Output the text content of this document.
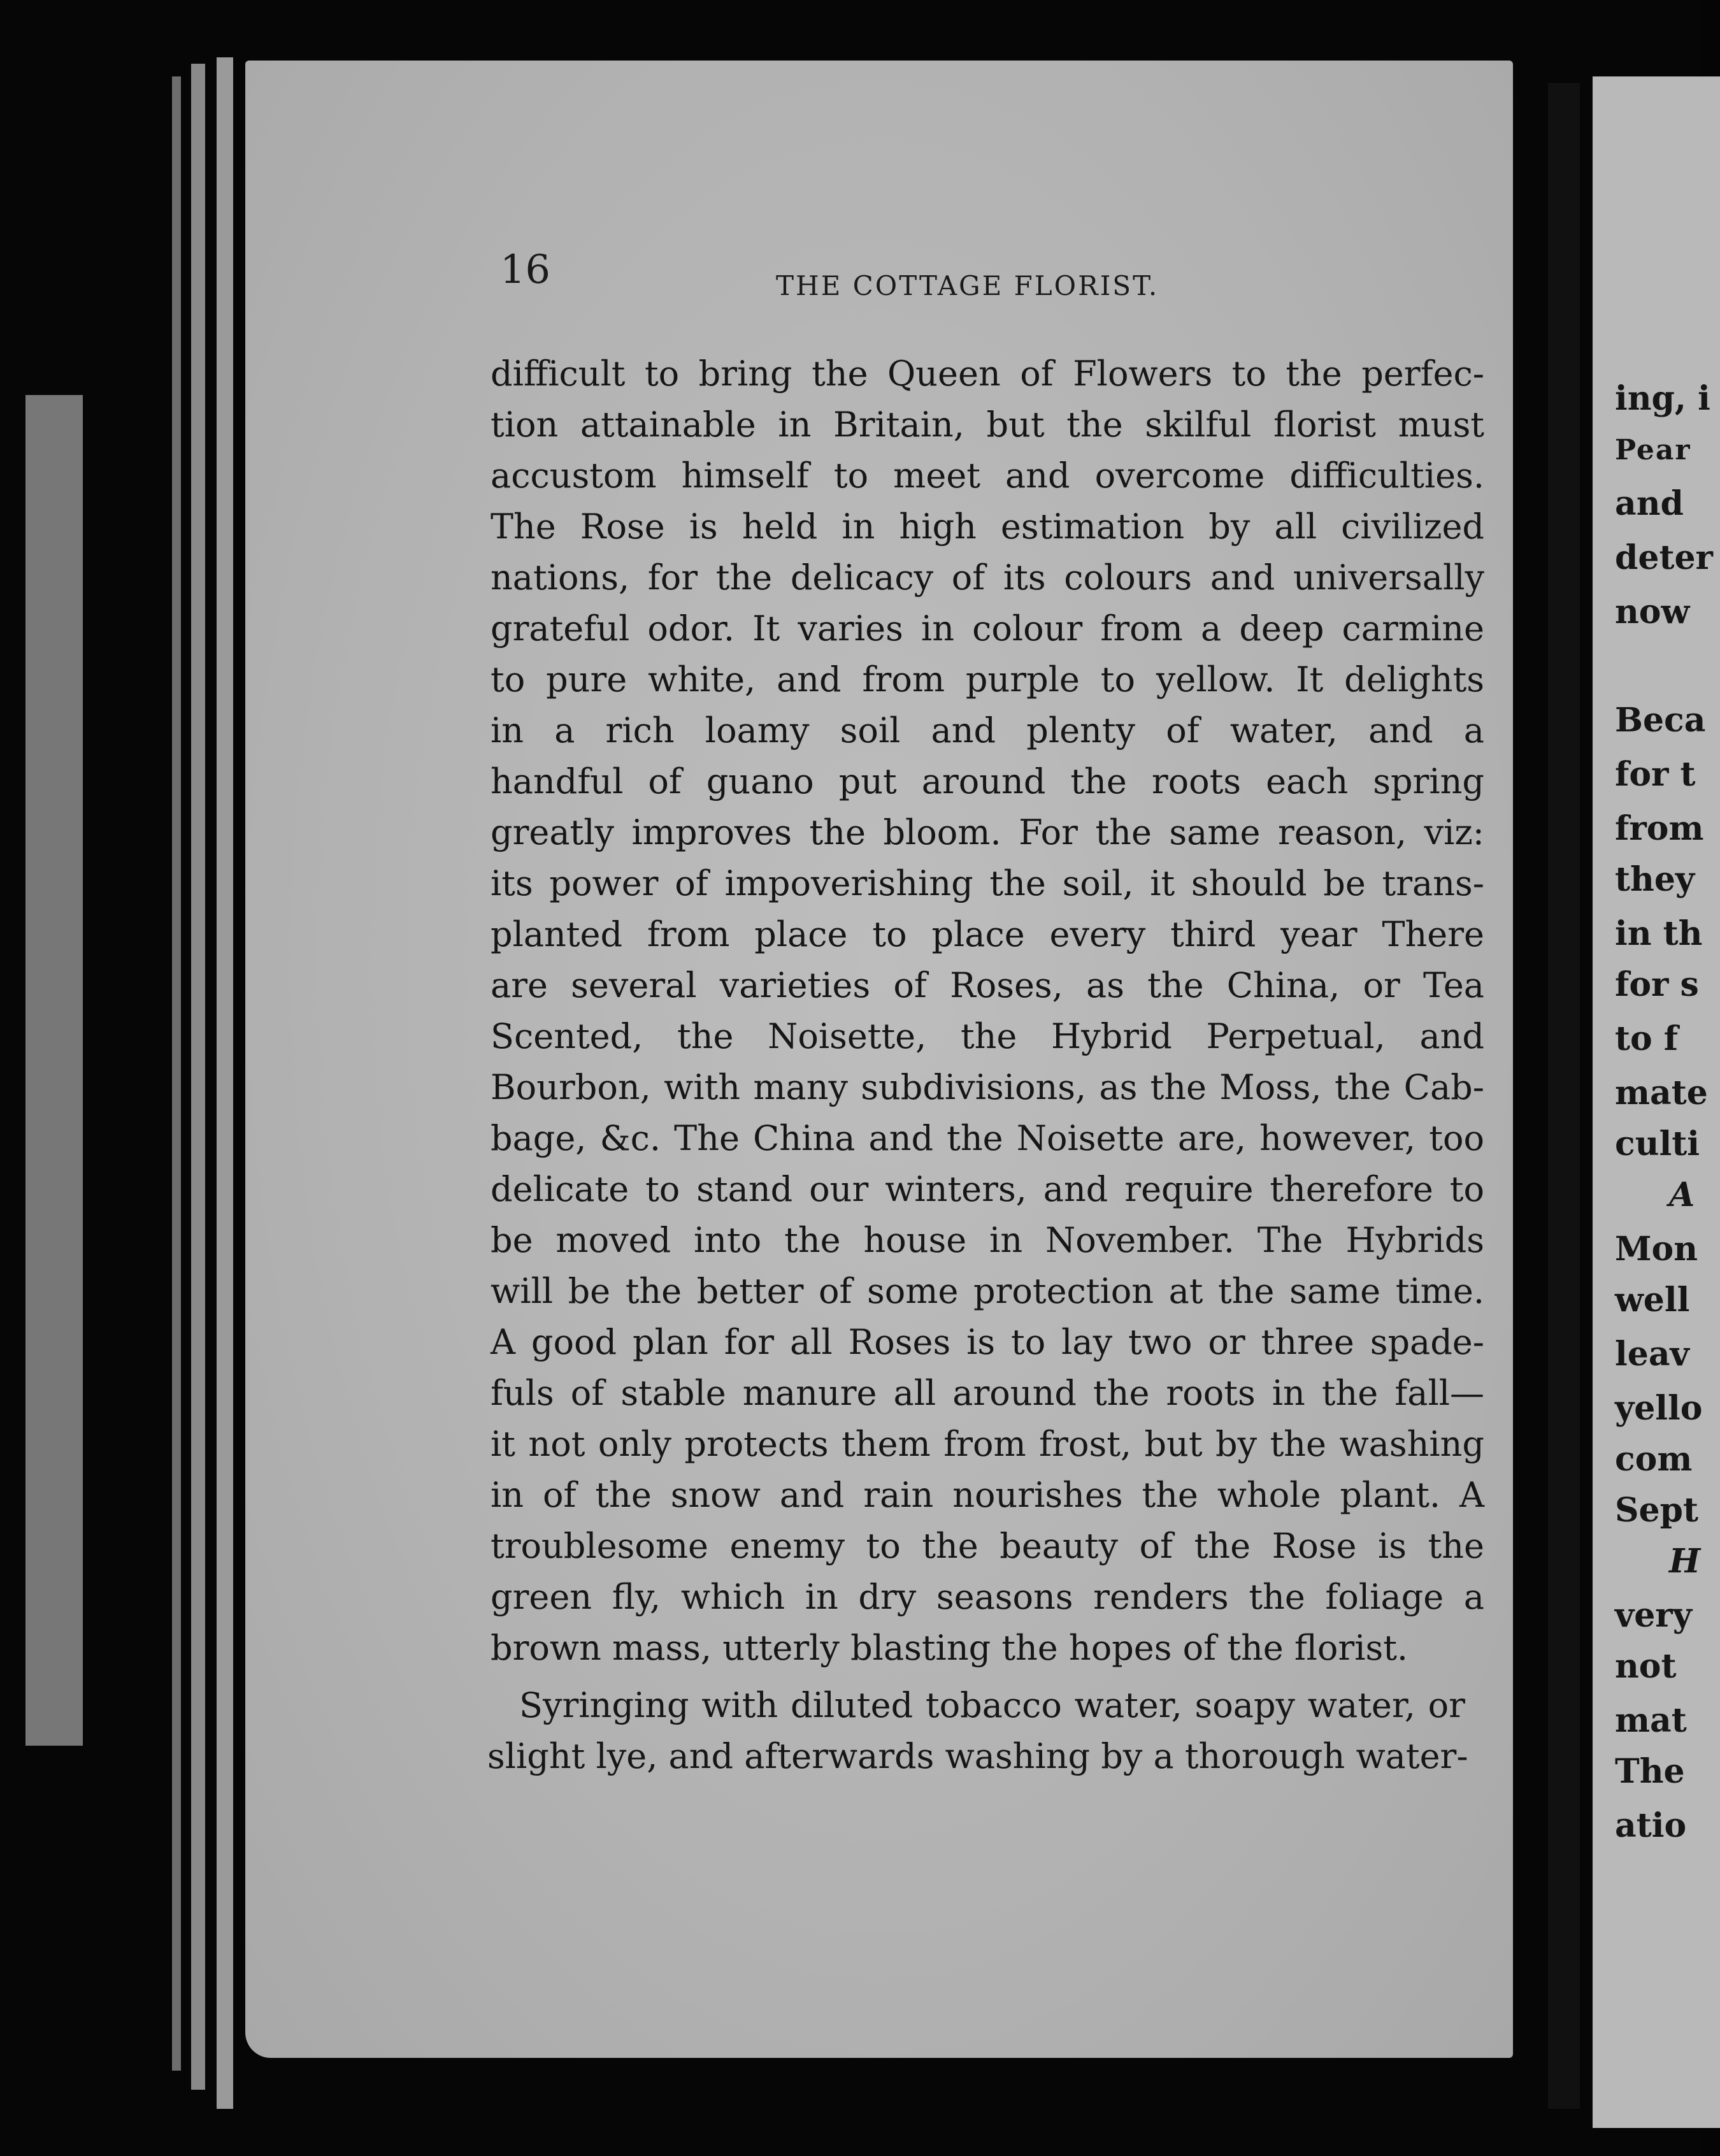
16	THE COTTAGE FLORIST.
difficult to bring the Queen of Flowers to the perfec-
tion attainable in Britain, but the skilful florist must
accustom himself to meet and overcome difficulties.
The Rose is held in high estimation by all civilized
nations, for the delicacy of its colours and universally
grateful odor. It varies in colour from a deep carmine
to pure white, and from purple to yellow. It delights
in a rich loamy soil and plenty of water, and a
handful of guano put around the roots each spring
greatly improves the bloom. For the same reason, viz:
its power of impoverishing the soil, it should be trans-
planted from place to place every third year There
are several varieties of Roses, as the China, or Tea
Scented, the Noisette, the Hybrid Perpetual, and
Bourbon, with many subdivisions, as the Moss, the Cab-
bage, &c. The China and the Noisette are, however, too
delicate to stand our winters, and require therefore to
be moved into the house in November. The Hybrids
will be the better of some protection at the same time.
A good plan for all Roses is to lay two or three spade-
fuls of stable manure all around the roots in the fall—
it not only protects them from frost, but by the washing
in of the snow and rain nourishes the whole plant. A
troublesome enemy to the beauty of the Rose is the
green fly, which in dry seasons renders the foliage a
brown mass, utterly blasting the hopes of the florist.
Syringing with diluted tobacco water, soapy water, or
slight lye, and afterwards washing by a thorough water-
ing, i
Pear
and
deter
now
Beca
for t
from
they
in th
for s
to f
mate
culti
A
Mon
well
leav
yello
com
Sept
H
very
not
mat
The
atio
